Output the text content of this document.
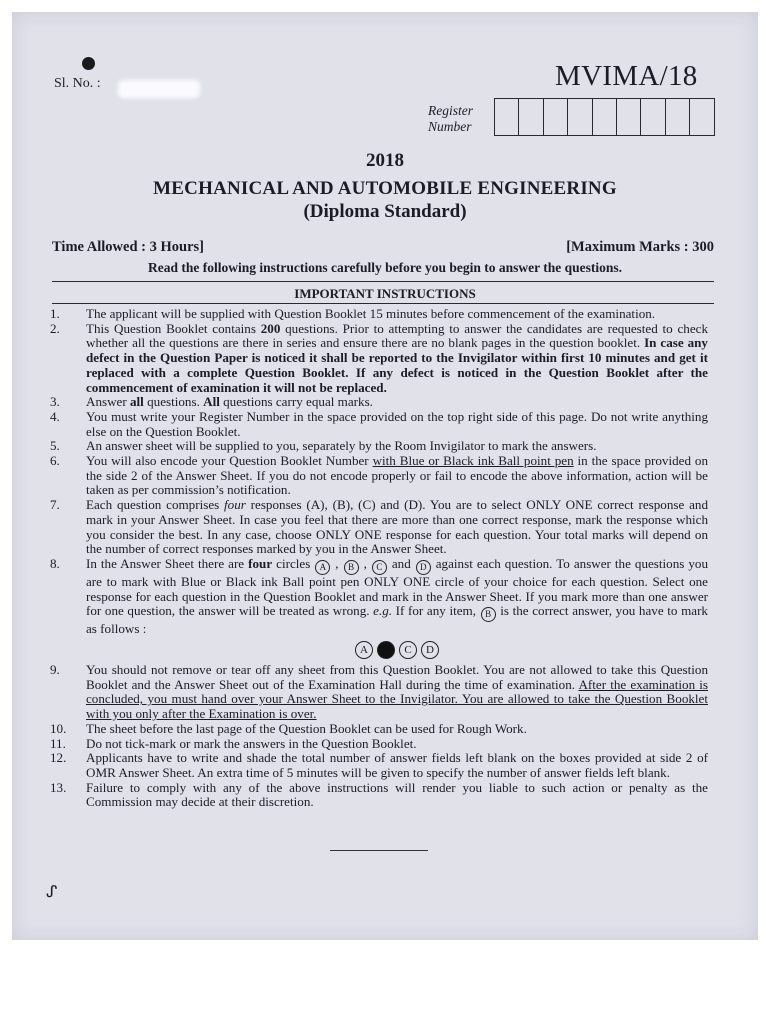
Sl. No. :	MVIMA/18
Register
Number
2018
MECHANICAL AND AUTOMOBILE ENGINEERING
(Diploma Standard)
Time Allowed : 3 Hours]	[Maximum Marks : 300
Read the following instructions carefully before you begin to answer the questions.
IMPORTANT INSTRUCTIONS
1.	The applicant will be supplied with Question Booklet 15 minutes before commencement of the examination.
2.	This Question Booklet contains 200 questions. Prior to attempting to answer the candidates are requested to check whether all the questions are there in series and ensure there are no blank pages in the question booklet. In case any defect in the Question Paper is noticed it shall be reported to the Invigilator within first 10 minutes and get it replaced with a complete Question Booklet. If any defect is noticed in the Question Booklet after the commencement of examination it will not be replaced.
3.	Answer all questions. All questions carry equal marks.
4.	You must write your Register Number in the space provided on the top right side of this page. Do not write anything else on the Question Booklet.
5.	An answer sheet will be supplied to you, separately by the Room Invigilator to mark the answers.
6.	You will also encode your Question Booklet Number with Blue or Black ink Ball point pen in the space provided on the side 2 of the Answer Sheet. If you do not encode properly or fail to encode the above information, action will be taken as per commission’s notification.
7.	Each question comprises four responses (A), (B), (C) and (D). You are to select ONLY ONE correct response and mark in your Answer Sheet. In case you feel that there are more than one correct response, mark the response which you consider the best. In any case, choose ONLY ONE response for each question. Your total marks will depend on the number of correct responses marked by you in the Answer Sheet.
8.	In the Answer Sheet there are four circles A , B , C and D against each question. To answer the questions you are to mark with Blue or Black ink Ball point pen ONLY ONE circle of your choice for each question. Select one response for each question in the Question Booklet and mark in the Answer Sheet. If you mark more than one answer for one question, the answer will be treated as wrong. e.g. If for any item, B is the correct answer, you have to mark as follows :
A B C D
9.	You should not remove or tear off any sheet from this Question Booklet. You are not allowed to take this Question Booklet and the Answer Sheet out of the Examination Hall during the time of examination. After the examination is concluded, you must hand over your Answer Sheet to the Invigilator. You are allowed to take the Question Booklet with you only after the Examination is over.
10.	The sheet before the last page of the Question Booklet can be used for Rough Work.
11.	Do not tick-mark or mark the answers in the Question Booklet.
12.	Applicants have to write and shade the total number of answer fields left blank on the boxes provided at side 2 of OMR Answer Sheet. An extra time of 5 minutes will be given to specify the number of answer fields left blank.
13.	Failure to comply with any of the above instructions will render you liable to such action or penalty as the Commission may decide at their discretion.
ᔑ
